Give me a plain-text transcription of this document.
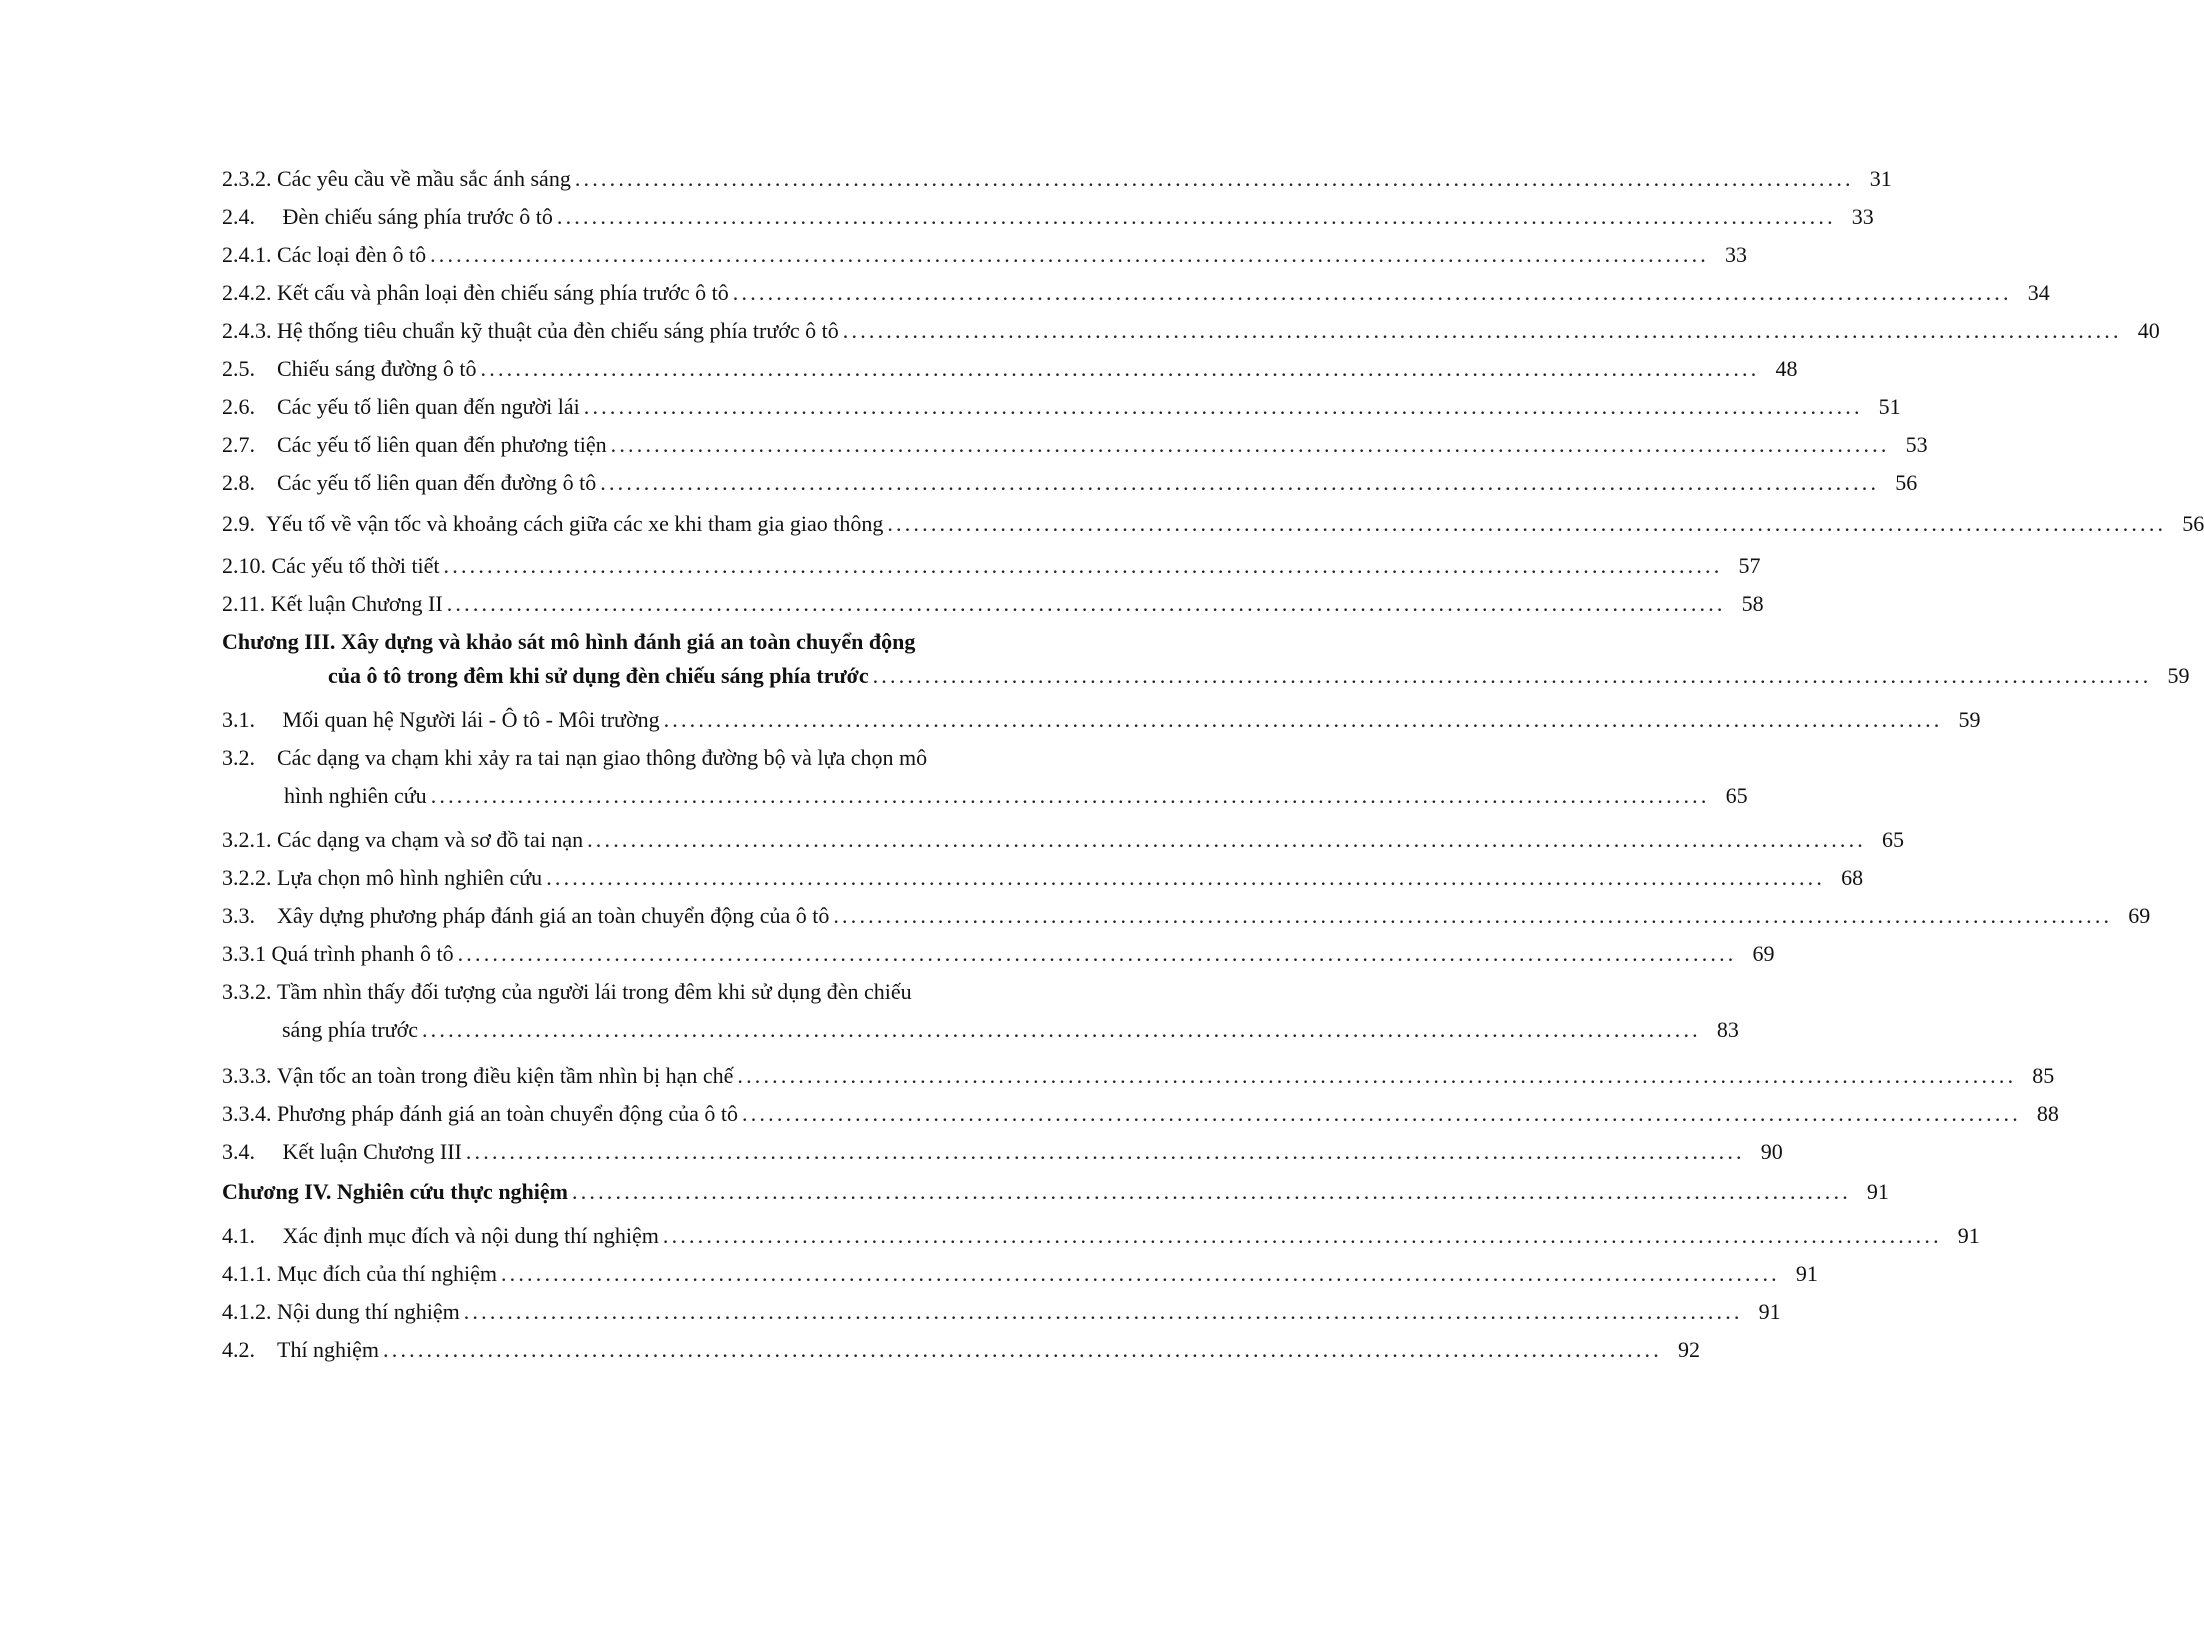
2.3.2.
Các yêu cầu về mầu sắc ánh sáng ................................................................................................................................................... 31
2.4.
Đèn chiếu sáng phía trước ô tô ................................................................................................................................................... 33
2.4.1.
Các loại đèn ô tô ................................................................................................................................................... 33
2.4.2.
Kết cấu và phân loại đèn chiếu sáng phía trước ô tô ................................................................................................................................................... 34
2.4.3.
Hệ thống tiêu chuẩn kỹ thuật của đèn chiếu sáng phía trước ô tô ................................................................................................................................................... 40
2.5.
Chiếu sáng đường ô tô ................................................................................................................................................... 48
2.6.
Các yếu tố liên quan đến người lái ................................................................................................................................................... 51
2.7.
Các yếu tố liên quan đến phương tiện ................................................................................................................................................... 53
2.8.
Các yếu tố liên quan đến đường ô tô ................................................................................................................................................... 56
2.9.
Yếu tố về vận tốc và khoảng cách giữa các xe khi tham gia giao thông ................................................................................................................................................... 56
2.10.
Các yếu tố thời tiết ................................................................................................................................................... 57
2.11.
Kết luận Chương II ................................................................................................................................................... 58
Chương III. Xây dựng và khảo sát mô hình đánh giá an toàn chuyển động
của ô tô trong đêm khi sử dụng đèn chiếu sáng phía trước ................................................................................................................................................... 59
3.1.
Mối quan hệ Người lái - Ô tô - Môi trường ................................................................................................................................................... 59
3.2. Các dạng va chạm khi xảy ra tai nạn giao thông đường bộ và lựa chọn mô
hình nghiên cứu ................................................................................................................................................... 65
3.2.1.
Các dạng va chạm và sơ đồ tai nạn ................................................................................................................................................... 65
3.2.2.
Lựa chọn mô hình nghiên cứu ................................................................................................................................................... 68
3.3.
Xây dựng phương pháp đánh giá an toàn chuyển động của ô tô ................................................................................................................................................... 69
3.3.1
Quá trình phanh ô tô ................................................................................................................................................... 69
3.3.2. Tầm nhìn thấy đối tượng của người lái trong đêm khi sử dụng đèn chiếu
sáng phía trước ................................................................................................................................................... 83
3.3.3.
Vận tốc an toàn trong điều kiện tầm nhìn bị hạn chế ................................................................................................................................................... 85
3.3.4.
Phương pháp đánh giá an toàn chuyển động của ô tô ................................................................................................................................................... 88
3.4.
Kết luận Chương III ................................................................................................................................................... 90
Chương IV.
Nghiên cứu thực nghiệm ................................................................................................................................................... 91
4.1.
Xác định mục đích và nội dung thí nghiệm ................................................................................................................................................... 91
4.1.1.
Mục đích của thí nghiệm ................................................................................................................................................... 91
4.1.2.
Nội dung thí nghiệm ................................................................................................................................................... 91
4.2.
Thí nghiệm ................................................................................................................................................... 92
